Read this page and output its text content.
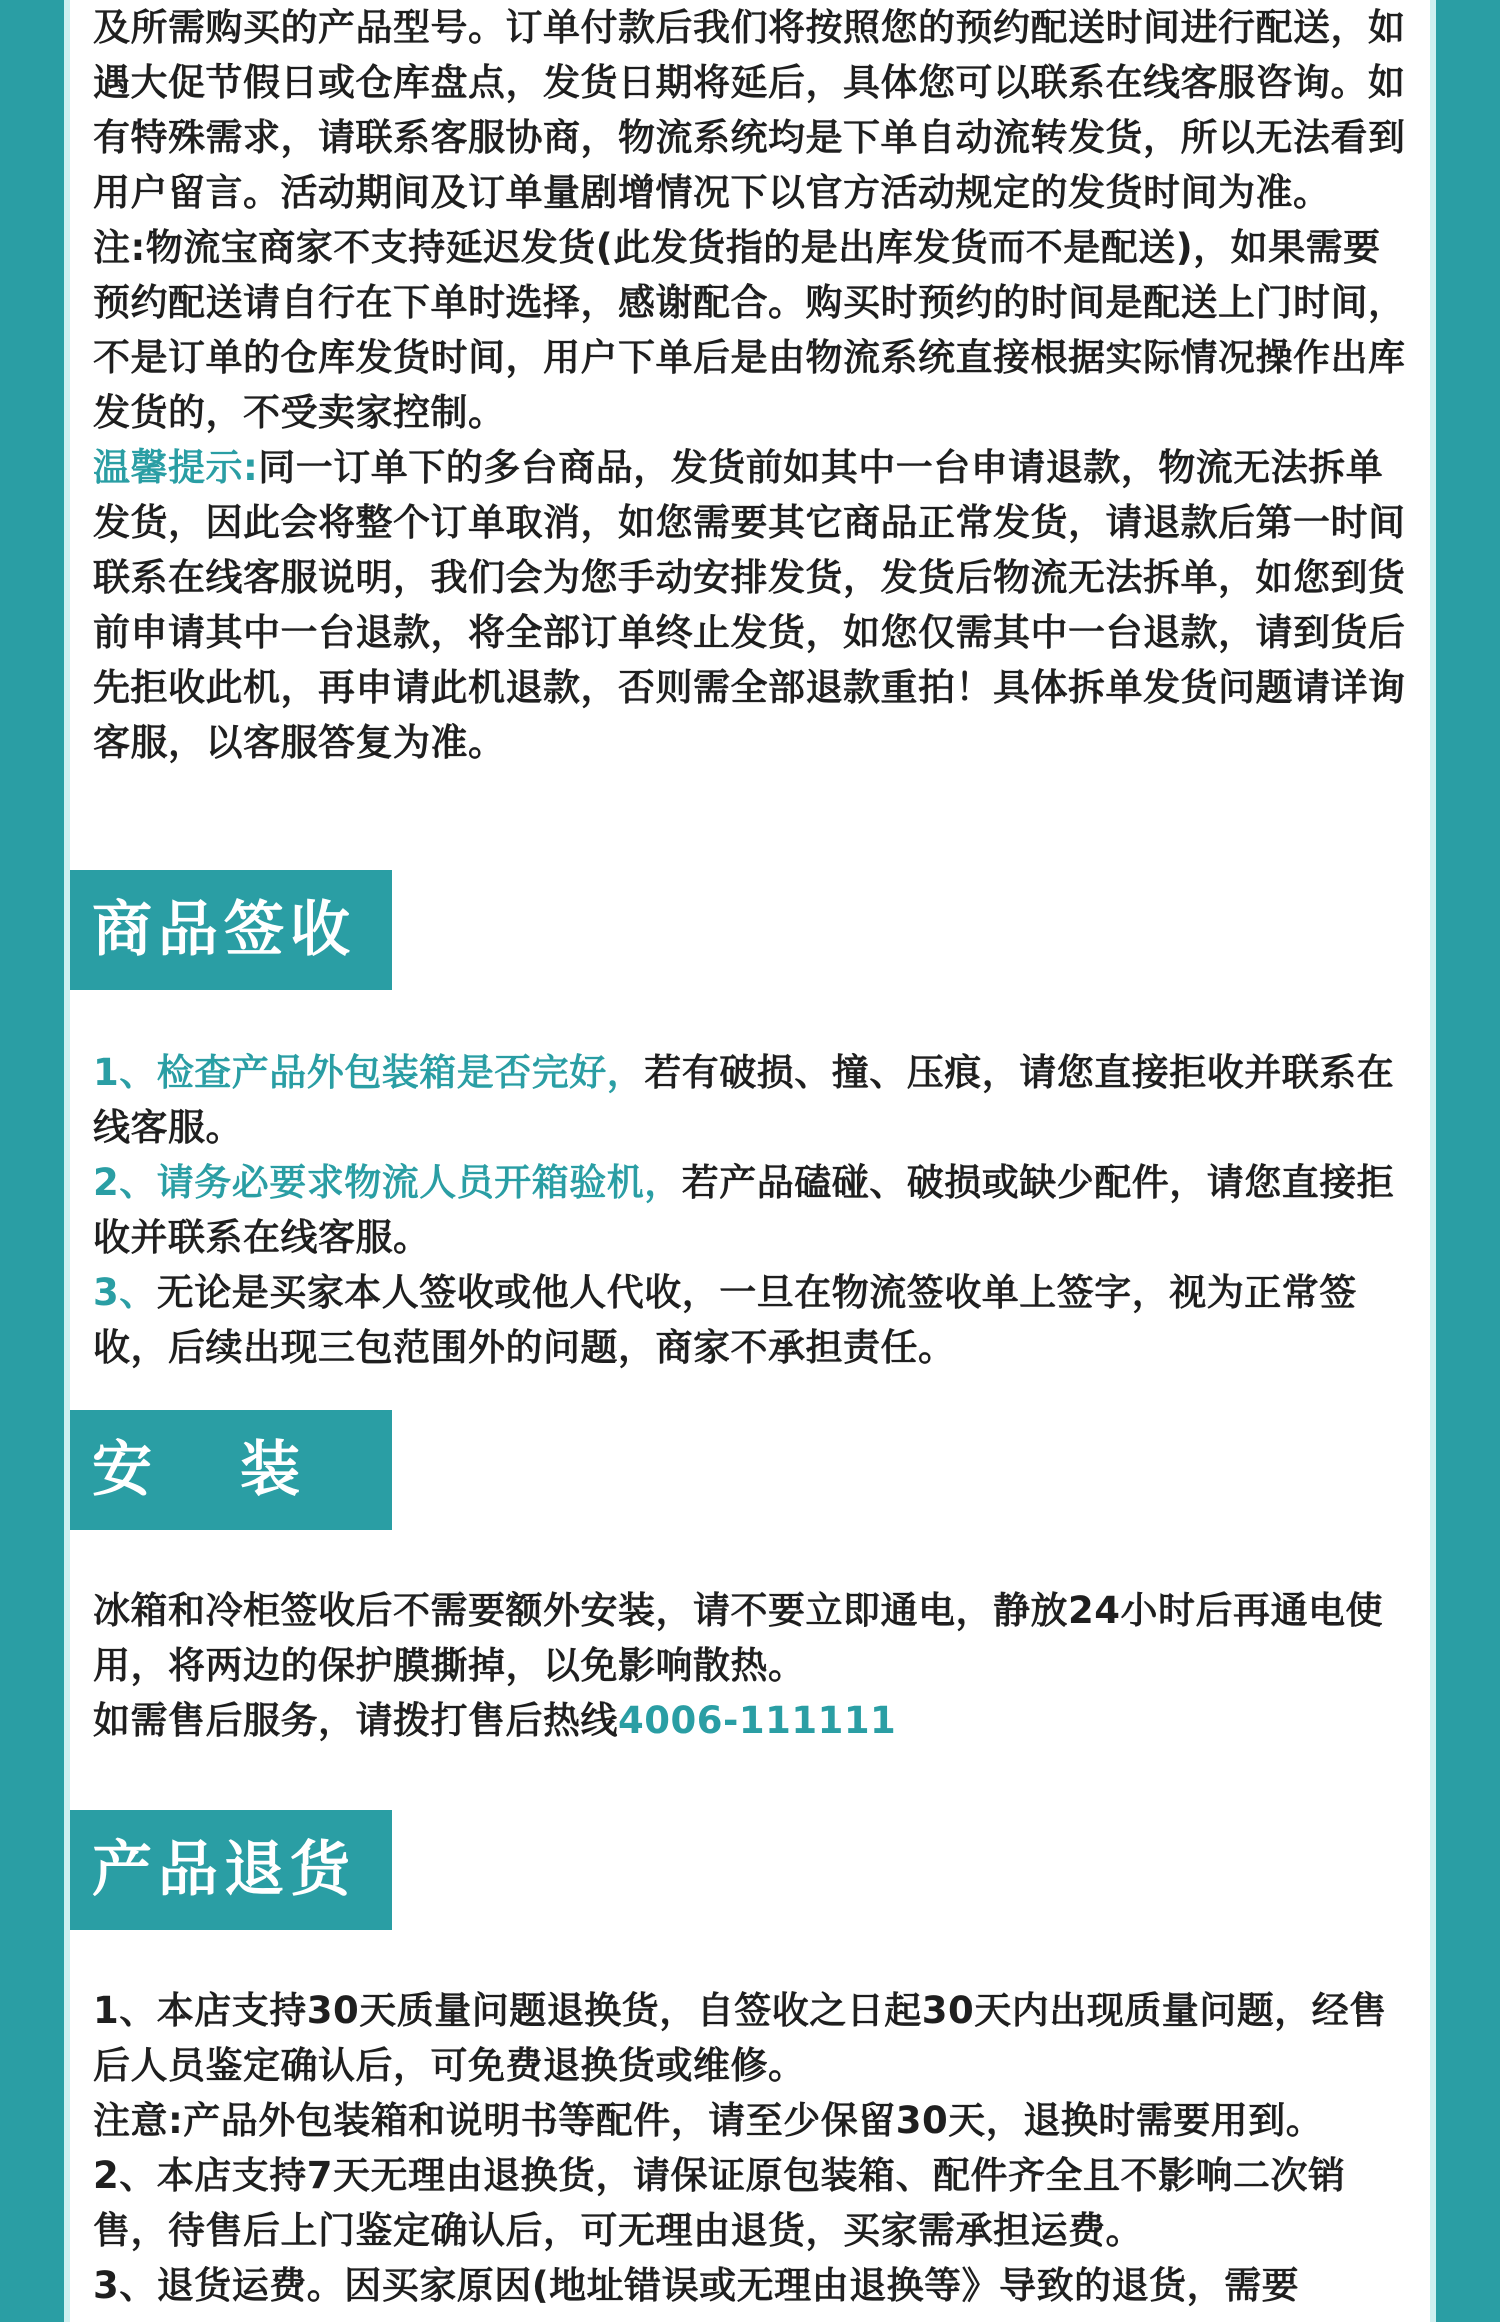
及所需购买的产品型号。订单付款后我们将按照您的预约配送时间进行配送，如遇大促节假日或仓库盘点，发货日期将延后，具体您可以联系在线客服咨询。如有特殊需求，请联系客服协商，物流系统均是下单自动流转发货，所以无法看到用户留言。活动期间及订单量剧增情况下以官方活动规定的发货时间为准。

注:物流宝商家不支持延迟发货(此发货指的是出库发货而不是配送)，如果需要预约配送请自行在下单时选择，感谢配合。购买时预约的时间是配送上门时间，不是订单的仓库发货时间，用户下单后是由物流系统直接根据实际情况操作出库发货的，不受卖家控制。

温馨提示:同一订单下的多台商品，发货前如其中一台申请退款，物流无法拆单发货，因此会将整个订单取消，如您需要其它商品正常发货，请退款后第一时间联系在线客服说明，我们会为您手动安排发货，发货后物流无法拆单，如您到货前申请其中一台退款，将全部订单终止发货，如您仅需其中一台退款，请到货后先拒收此机，再申请此机退款，否则需全部退款重拍！具体拆单发货问题请详询客服，以客服答复为准。

商品签收

1、检查产品外包装箱是否完好，若有破损、撞、压痕，请您直接拒收并联系在线客服。

2、请务必要求物流人员开箱验机，若产品磕碰、破损或缺少配件，请您直接拒收并联系在线客服。

3、无论是买家本人签收或他人代收，一旦在物流签收单上签字，视为正常签收，后续出现三包范围外的问题，商家不承担责任。

安装

冰箱和冷柜签收后不需要额外安装，请不要立即通电，静放24小时后再通电使用，将两边的保护膜撕掉，以免影响散热。

如需售后服务，请拨打售后热线4006-111111

产品退货

1、本店支持30天质量问题退换货，自签收之日起30天内出现质量问题，经售后人员鉴定确认后，可免费退换货或维修。

注意:产品外包装箱和说明书等配件，请至少保留30天，退换时需要用到。

2、本店支持7天无理由退换货，请保证原包装箱、配件齐全且不影响二次销售，待售后上门鉴定确认后，可无理由退货，买家需承担运费。

3、退货运费。因买家原因(地址错误或无理由退换等》导致的退货，需要
